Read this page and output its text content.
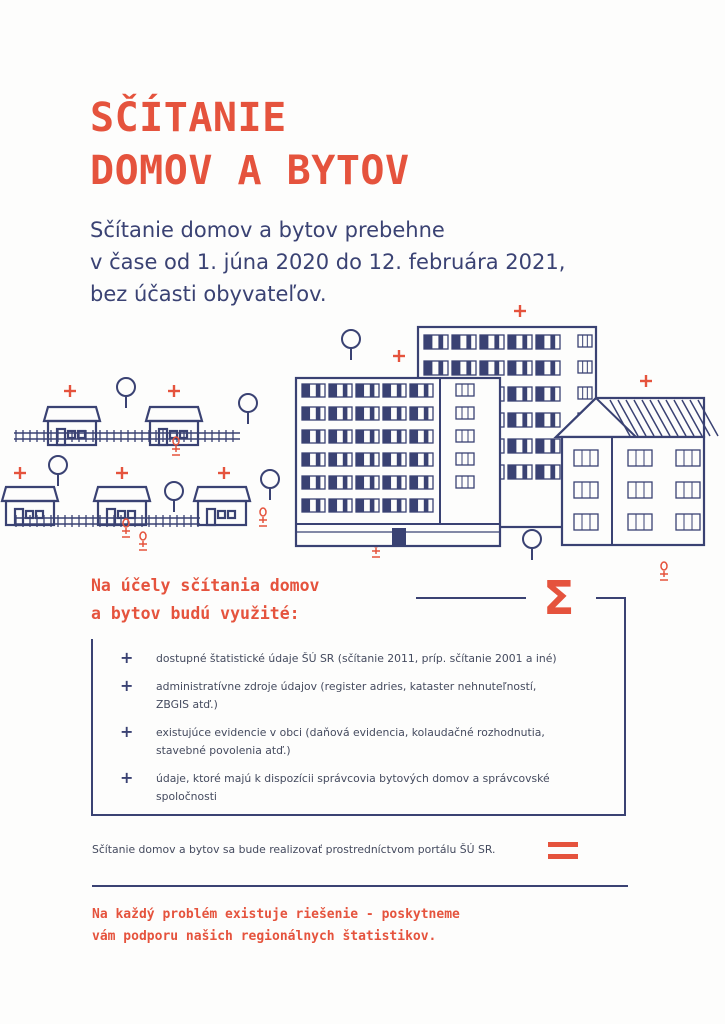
SČÍTANIE
DOMOV A BYTOV
Sčítanie domov a bytov prebehne
v čase od 1. júna 2020 do 12. februára 2021,
bez účasti obyvateľov.
Na účely sčítania domov
a bytov budú využité:	Σ
+ dostupné štatistické údaje ŠÚ SR (sčítanie 2011, príp. sčítanie 2001 a iné)
+ administratívne zdroje údajov (register adries, kataster nehnuteľností, ZBGIS atď.)
+ existujúce evidencie v obci (daňová evidencia, kolaudačné rozhodnutia, stavebné povolenia atď.)
+ údaje, ktoré majú k dispozícii správcovia bytových domov a správcovské spoločnosti
Sčítanie domov a bytov sa bude realizovať prostredníctvom portálu ŠÚ SR.
Na každý problém existuje riešenie - poskytneme
vám podporu našich regionálnych štatistikov.
